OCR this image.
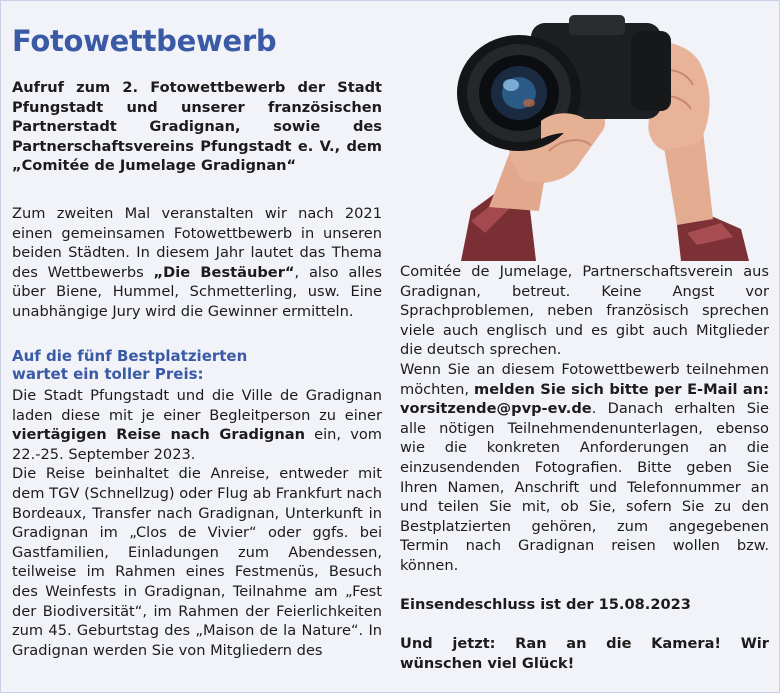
Fotowettbewerb

Aufruf zum 2. Fotowettbewerb der Stadt Pfungstadt und unserer französischen Partnerstadt Gradignan, sowie des Partnerschaftsvereins Pfungstadt e. V., dem „Comitée de Jumelage Gradignan“

Zum zweiten Mal veranstalten wir nach 2021 einen gemeinsamen Fotowettbewerb in unseren beiden Städten. In diesem Jahr lautet das Thema des Wettbewerbs „Die Bestäuber“, also alles über Biene, Hummel, Schmetterling, usw. Eine unabhängige Jury wird die Gewinner ermitteln.

Auf die fünf Bestplatzierten
wartet ein toller Preis:

Die Stadt Pfungstadt und die Ville de Gradignan laden diese mit je einer Begleitperson zu einer viertägigen Reise nach Gradignan ein, vom 22.-25. September 2023.

Die Reise beinhaltet die Anreise, entweder mit dem TGV (Schnellzug) oder Flug ab Frankfurt nach Bordeaux, Transfer nach Gradignan, Unterkunft in Gradignan im „Clos de Vivier“ oder ggfs. bei Gastfamilien, Einladungen zum Abendessen, teilweise im Rahmen eines Festmenüs, Besuch des Weinfests in Gradignan, Teilnahme am „Fest der Biodiversität“, im Rahmen der Feierlichkeiten zum 45. Geburtstag des „Maison de la Nature“. In Gradignan werden Sie von Mitgliedern des

Comitée de Jumelage, Partnerschaftsverein aus Gradignan, betreut. Keine Angst vor Sprachproblemen, neben französisch sprechen viele auch englisch und es gibt auch Mitglieder die deutsch sprechen.

Wenn Sie an diesem Fotowettbewerb teilnehmen möchten, melden Sie sich bitte per E-Mail an: vorsitzende@pvp-ev.de. Danach erhalten Sie alle nötigen Teilnehmendenunterlagen, ebenso wie die konkreten Anforderungen an die einzusendenden Fotografien. Bitte geben Sie Ihren Namen, Anschrift und Telefonnummer an und teilen Sie mit, ob Sie, sofern Sie zu den Bestplatzierten gehören, zum angegebenen Termin nach Gradignan reisen wollen bzw. können.

Einsendeschluss ist der 15.08.2023

Und jetzt: Ran an die Kamera! Wir wünschen viel Glück!
